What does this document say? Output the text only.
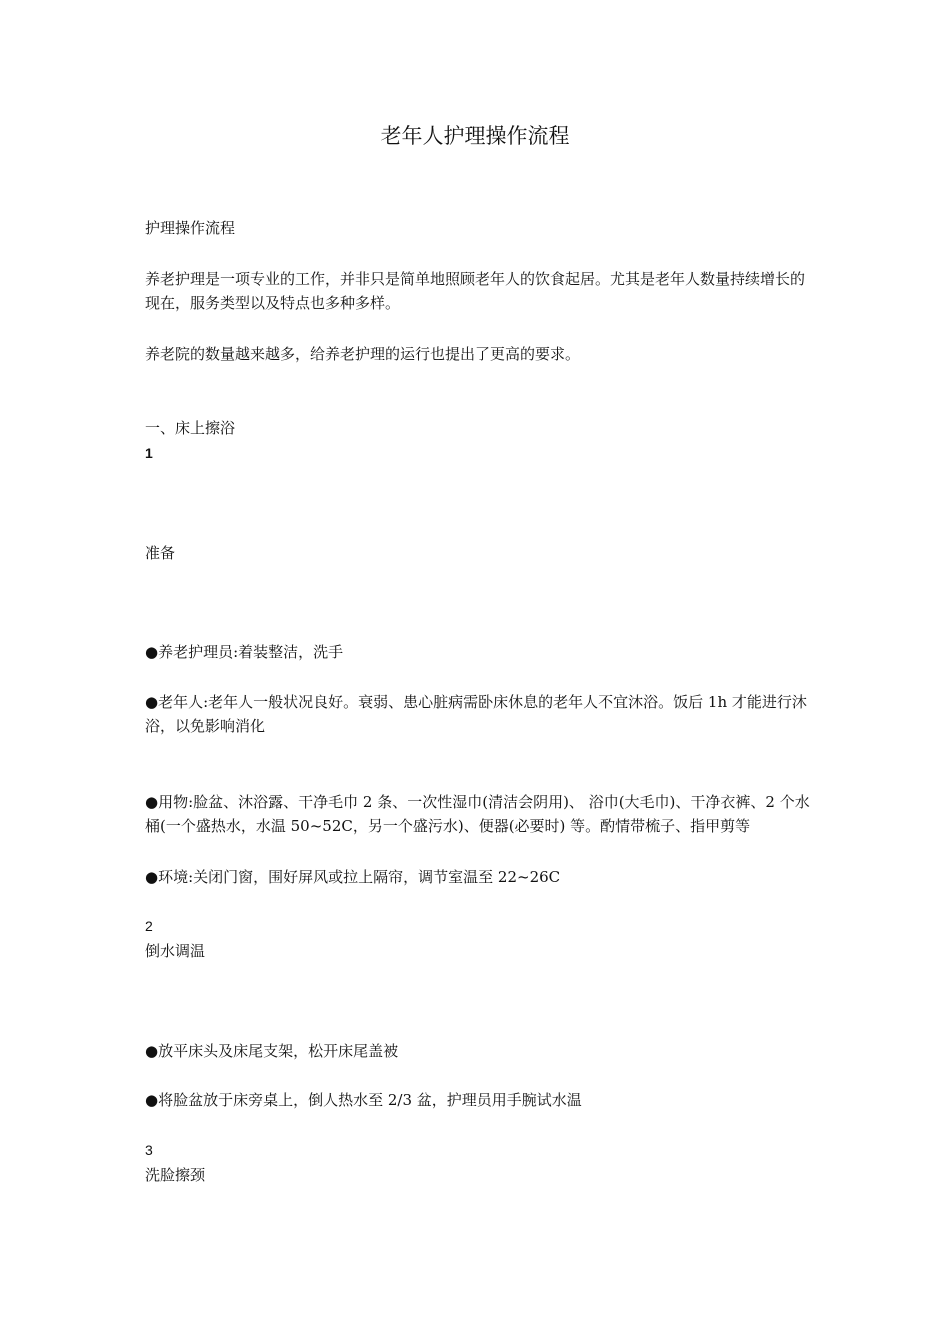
老年人护理操作流程
护理操作流程
养老护理是一项专业的工作，并非只是简单地照顾老年人的饮食起居。尤其是老年人数量持续增长的现在，服务类型以及特点也多种多样。
养老院的数量越来越多，给养老护理的运行也提出了更高的要求。
一、床上擦浴
1
准备
●养老护理员:着装整洁，洗手
●老年人:老年人一般状况良好。衰弱、患心脏病需卧床休息的老年人不宜沐浴。饭后 1h 才能进行沐浴，以免影响消化
●用物:脸盆、沐浴露、干净毛巾 2 条、一次性湿巾(清洁会阴用)、 浴巾(大毛巾)、干净衣裤、2 个水桶(一个盛热水，水温 50~52C，另一个盛污水)、便器(必要时) 等。酌情带梳子、指甲剪等
●环境:关闭门窗，围好屏风或拉上隔帘，调节室温至 22~26C
2
倒水调温
●放平床头及床尾支架，松开床尾盖被
●将脸盆放于床旁桌上，倒人热水至 2/3 盆，护理员用手腕试水温
3
洗脸擦颈
